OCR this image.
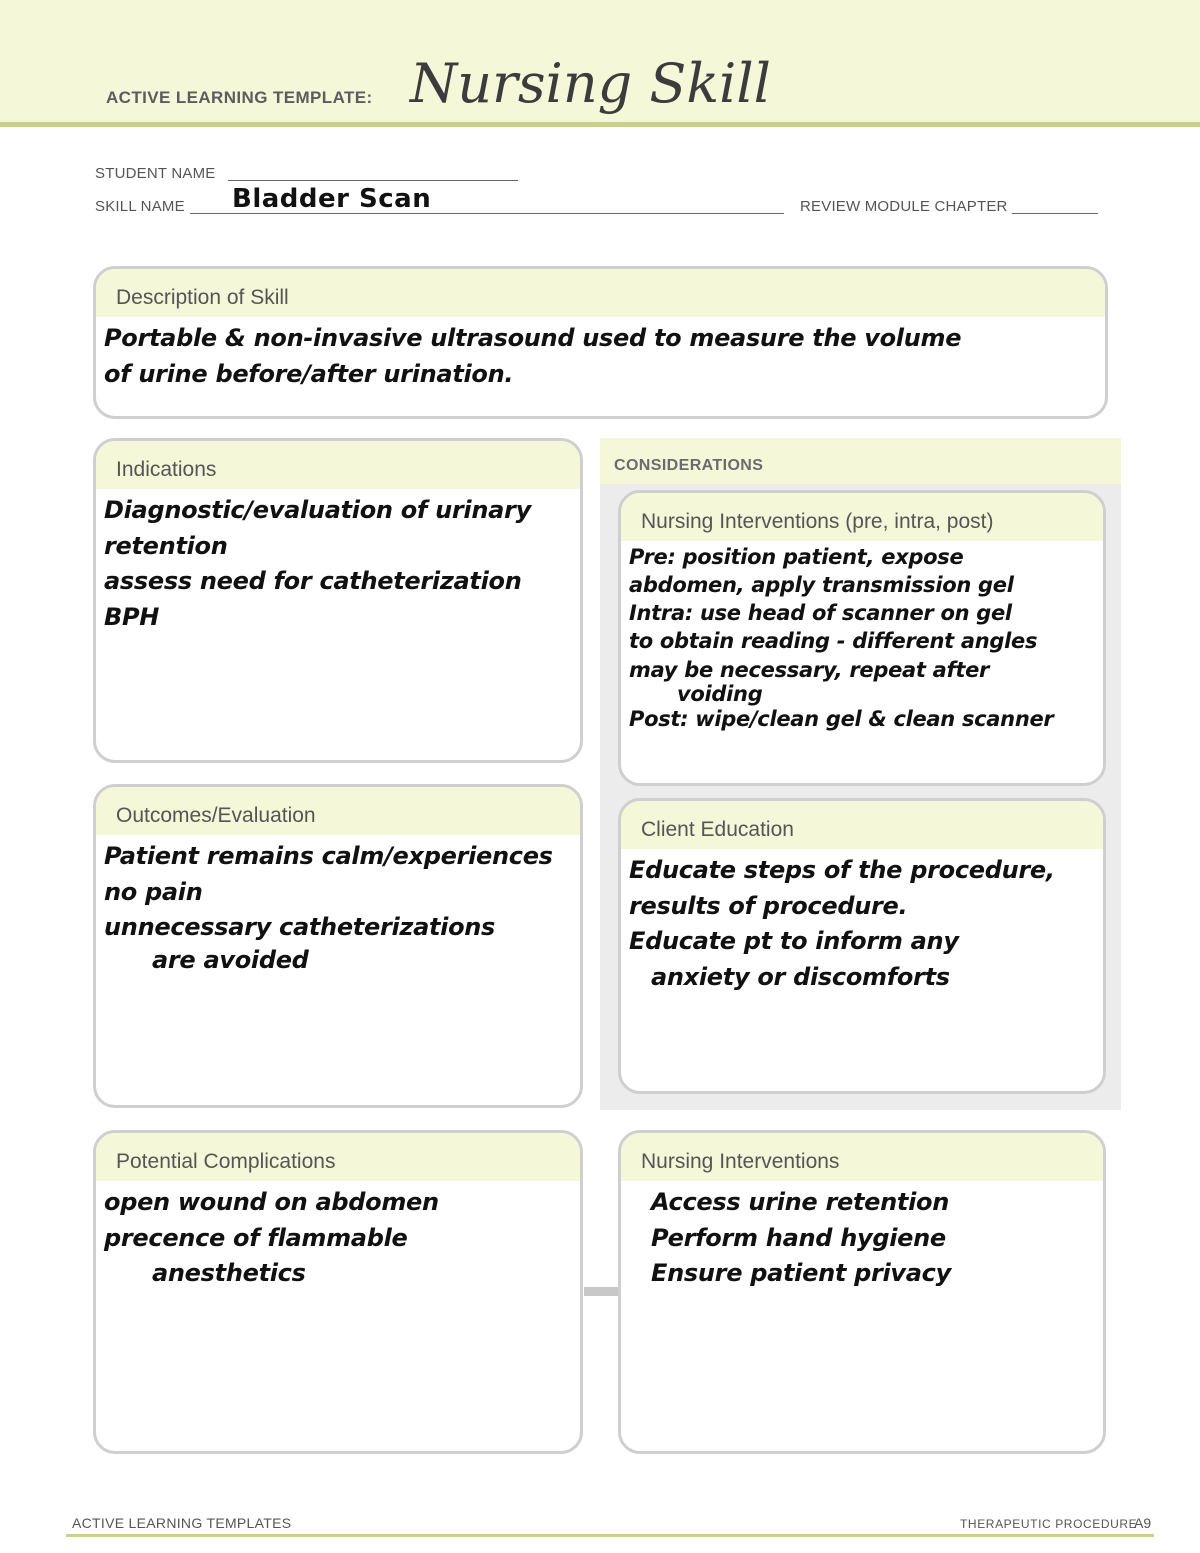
ACTIVE LEARNING TEMPLATE: Nursing Skill
STUDENT NAME
SKILL NAME Bladder Scan	REVIEW MODULE CHAPTER
Description of Skill
Portable & non-invasive ultrasound used to measure the volume
of urine before/after urination.
CONSIDERATIONS
Indications
Diagnostic/evaluation of urinary
retention
assess need for catheterization
BPH
Nursing Interventions (pre, intra, post)
Pre: position patient, expose
abdomen, apply transmission gel
Intra: use head of scanner on gel
to obtain reading - different angles
may be necessary, repeat after
voiding
Post: wipe/clean gel & clean scanner
Outcomes/Evaluation
Patient remains calm/experiences
no pain
unnecessary catheterizations
are avoided
Client Education
Educate steps of the procedure,
results of procedure.
Educate pt to inform any
anxiety or discomforts
Potential Complications
open wound on abdomen
precence of flammable
anesthetics
Nursing Interventions
Access urine retention
Perform hand hygiene
Ensure patient privacy
ACTIVE LEARNING TEMPLATES	THERAPEUTIC PROCEDURE
A9
